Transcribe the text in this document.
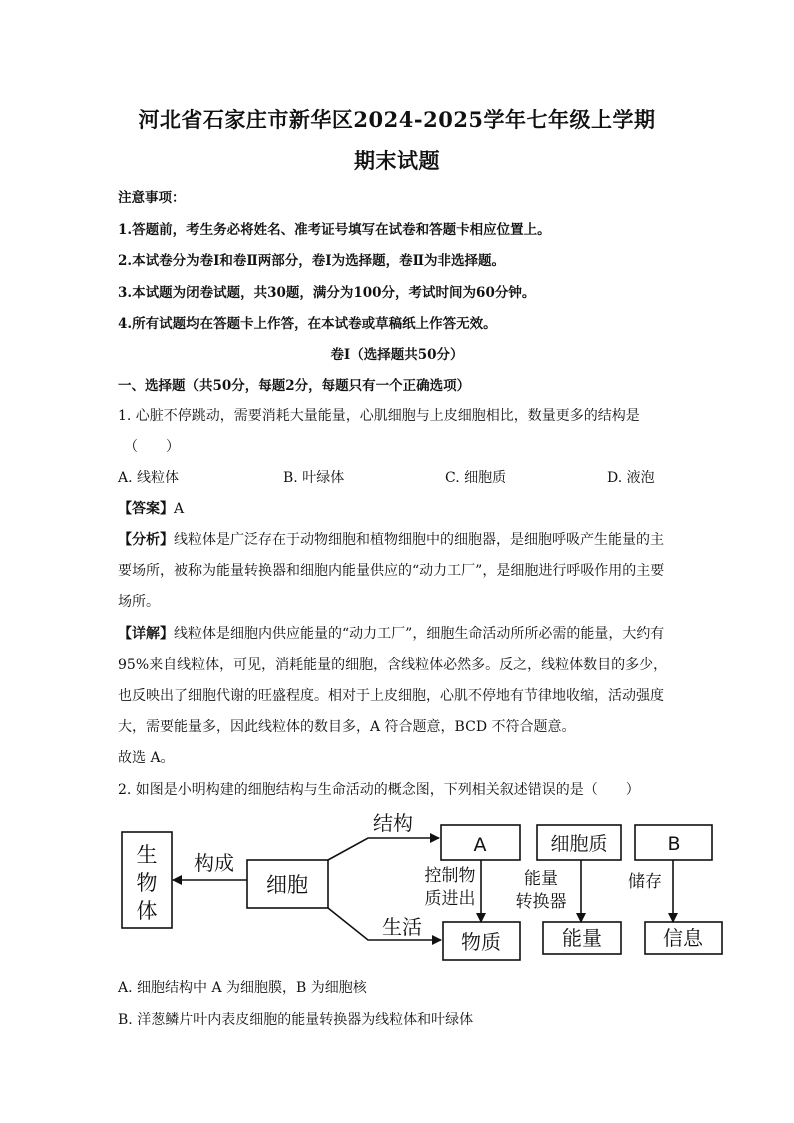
河北省石家庄市新华区2024-2025学年七年级上学期
期末试题
注意事项：
1.答题前，考生务必将姓名、准考证号填写在试卷和答题卡相应位置上。
2.本试卷分为卷Ⅰ和卷Ⅱ两部分，卷Ⅰ为选择题，卷Ⅱ为非选择题。
3.本试题为闭卷试题，共30题，满分为100分，考试时间为60分钟。
4.所有试题均在答题卡上作答，在本试卷或草稿纸上作答无效。
卷Ⅰ（选择题共50分）
一、选择题（共50分，每题2分，每题只有一个正确选项）
1. 心脏不停跳动，需要消耗大量能量，心肌细胞与上皮细胞相比，数量更多的结构是
（　　）
A. 线粒体	B. 叶绿体	C. 细胞质	D. 液泡
【答案】A
【分析】线粒体是广泛存在于动物细胞和植物细胞中的细胞器，是细胞呼吸产生能量的主
要场所，被称为能量转换器和细胞内能量供应的“动力工厂”，是细胞进行呼吸作用的主要
场所。
【详解】线粒体是细胞内供应能量的“动力工厂”，细胞生命活动所所必需的能量，大约有
95%来自线粒体，可见，消耗能量的细胞，含线粒体必然多。反之，线粒体数目的多少，
也反映出了细胞代谢的旺盛程度。相对于上皮细胞，心肌不停地有节律地收缩，活动强度
大，需要能量多，因此线粒体的数目多，A 符合题意，BCD 不符合题意。
故选 A。
2. 如图是小明构建的细胞结构与生命活动的概念图，下列相关叙述错误的是（　　）
生
物
体
细胞
构成
结构
生活
A
控制物
质进出
物质
细胞质
能量
转换器
能量
B
储存
信息
A. 细胞结构中 A 为细胞膜，B 为细胞核
B. 洋葱鳞片叶内表皮细胞的能量转换器为线粒体和叶绿体
